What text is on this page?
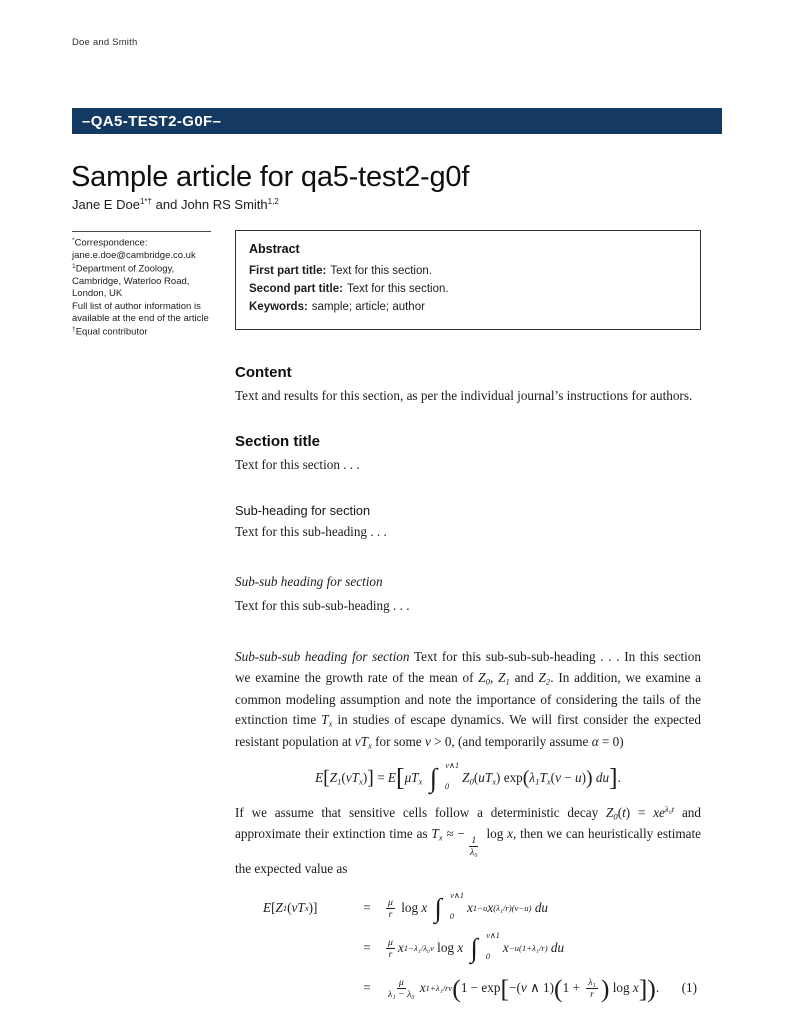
Doe and Smith
–QA5-TEST2-G0F–
Sample article for qa5-test2-g0f
Jane E Doe$^{1*\dagger}$ and John RS Smith$^{1,2}$
*Correspondence:
jane.e.doe@cambridge.co.uk
$^1$Department of Zoology,
Cambridge, Waterloo Road,
London, UK
Full list of author information is
available at the end of the article
†Equal contributor
Abstract
First part title: Text for this section.
Second part title: Text for this section.
Keywords: sample; article; author
Content

Text and results for this section, as per the individual journal’s instructions for authors.

Section title

Text for this section . . .

Sub-heading for section

Text for this sub-heading . . .

Sub-sub heading for section

Text for this sub-sub-heading . . .

Sub-sub-sub heading for section Text for this sub-sub-sub-heading . . . In this section we examine the growth rate of the mean of Z0, Z1 and Z2. In addition, we examine a common modeling assumption and note the importance of considering the tails of the extinction time Tx in studies of escape dynamics. We will first consider the expected resistant population at vTx for some v > 0, (and temporarily assume α = 0)

E[Z1(vTx)] = E[μTx ∫ v∧1
0
Z0(uTx) exp(λ1Tx(v − u)) du].

If we assume that sensitive cells follow a deterministic decay $Z0(t) = xe^{\lambda_0t}$ and approximate their extinction time as Tx ≈ −
$\frac{1}{\text{λ₀}}$
log x, then we can heuristically estimate the expected value as

E [ Z 1 ( vT x )]	=	$\frac{\mu}{r}$ log x ∫ v∧1
0
x 1−u x (λ₁/r)(v−u) du
=	$\frac{\mu}{r}$ x 1−λ₁/λ₀v log x ∫ v∧1
0
x −u(1+λ₁/r) du
=	$\frac{\mu}{\text{λ₁ − λ₀}}$ x 1+λ₁/rv ( 1 − exp [ −( v ∧ 1) ( $1 + \frac{\text{λ₁}}{r}$ ) log x ] ) . (1)
